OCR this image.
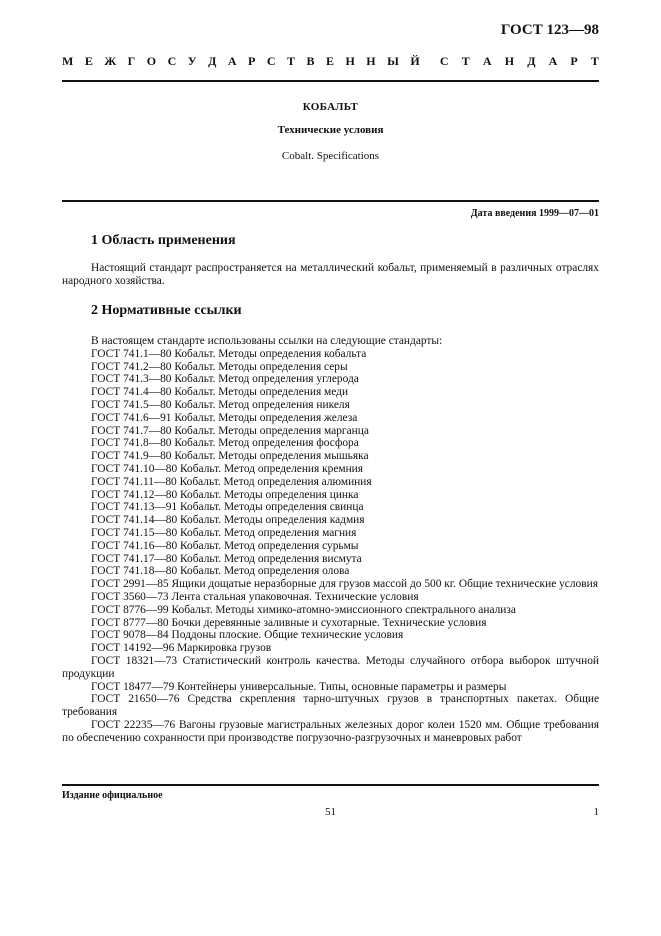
ГОСТ 123—98
М Е Ж Г О С У Д А Р С Т В Е Н Н Ы Й С Т А Н Д А Р Т
КОБАЛЬТ
Технические условия
Cobalt. Specifications
Дата введения 1999—07—01
1 Область применения
Настоящий стандарт распространяется на металлический кобальт, применяемый в различных отраслях народного хозяйства.
2 Нормативные ссылки
В настоящем стандарте использованы ссылки на следующие стандарты:
ГОСТ 741.1—80 Кобальт. Методы определения кобальта
ГОСТ 741.2—80 Кобальт. Методы определения серы
ГОСТ 741.3—80 Кобальт. Метод определения углерода
ГОСТ 741.4—80 Кобальт. Методы определения меди
ГОСТ 741.5—80 Кобальт. Метод определения никеля
ГОСТ 741.6—91 Кобальт. Методы определения железа
ГОСТ 741.7—80 Кобальт. Методы определения марганца
ГОСТ 741.8—80 Кобальт. Метод определения фосфора
ГОСТ 741.9—80 Кобальт. Методы определения мышьяка
ГОСТ 741.10—80 Кобальт. Метод определения кремния
ГОСТ 741.11—80 Кобальт. Метод определения алюминия
ГОСТ 741.12—80 Кобальт. Методы определения цинка
ГОСТ 741.13—91 Кобальт. Методы определения свинца
ГОСТ 741.14—80 Кобальт. Методы определения кадмия
ГОСТ 741.15—80 Кобальт. Метод определения магния
ГОСТ 741.16—80 Кобальт. Метод определения сурьмы
ГОСТ 741.17—80 Кобальт. Метод определения висмута
ГОСТ 741.18—80 Кобальт. Метод определения олова
ГОСТ 2991—85 Ящики дощатые неразборные для грузов массой до 500 кг. Общие технические условия
ГОСТ 3560—73 Лента стальная упаковочная. Технические условия
ГОСТ 8776—99 Кобальт. Методы химико-атомно-эмиссионного спектрального анализа
ГОСТ 8777—80 Бочки деревянные заливные и сухотарные. Технические условия
ГОСТ 9078—84 Поддоны плоские. Общие технические условия
ГОСТ 14192—96 Маркировка грузов
ГОСТ 18321—73 Статистический контроль качества. Методы случайного отбора выборок штучной продукции
ГОСТ 18477—79 Контейнеры универсальные. Типы, основные параметры и размеры
ГОСТ 21650—76 Средства скрепления тарно-штучных грузов в транспортных пакетах. Общие требования
ГОСТ 22235—76 Вагоны грузовые магистральных железных дорог колеи 1520 мм. Общие требования по обеспечению сохранности при производстве погрузочно-разгрузочных и маневровых работ
Издание официальное
51	1
